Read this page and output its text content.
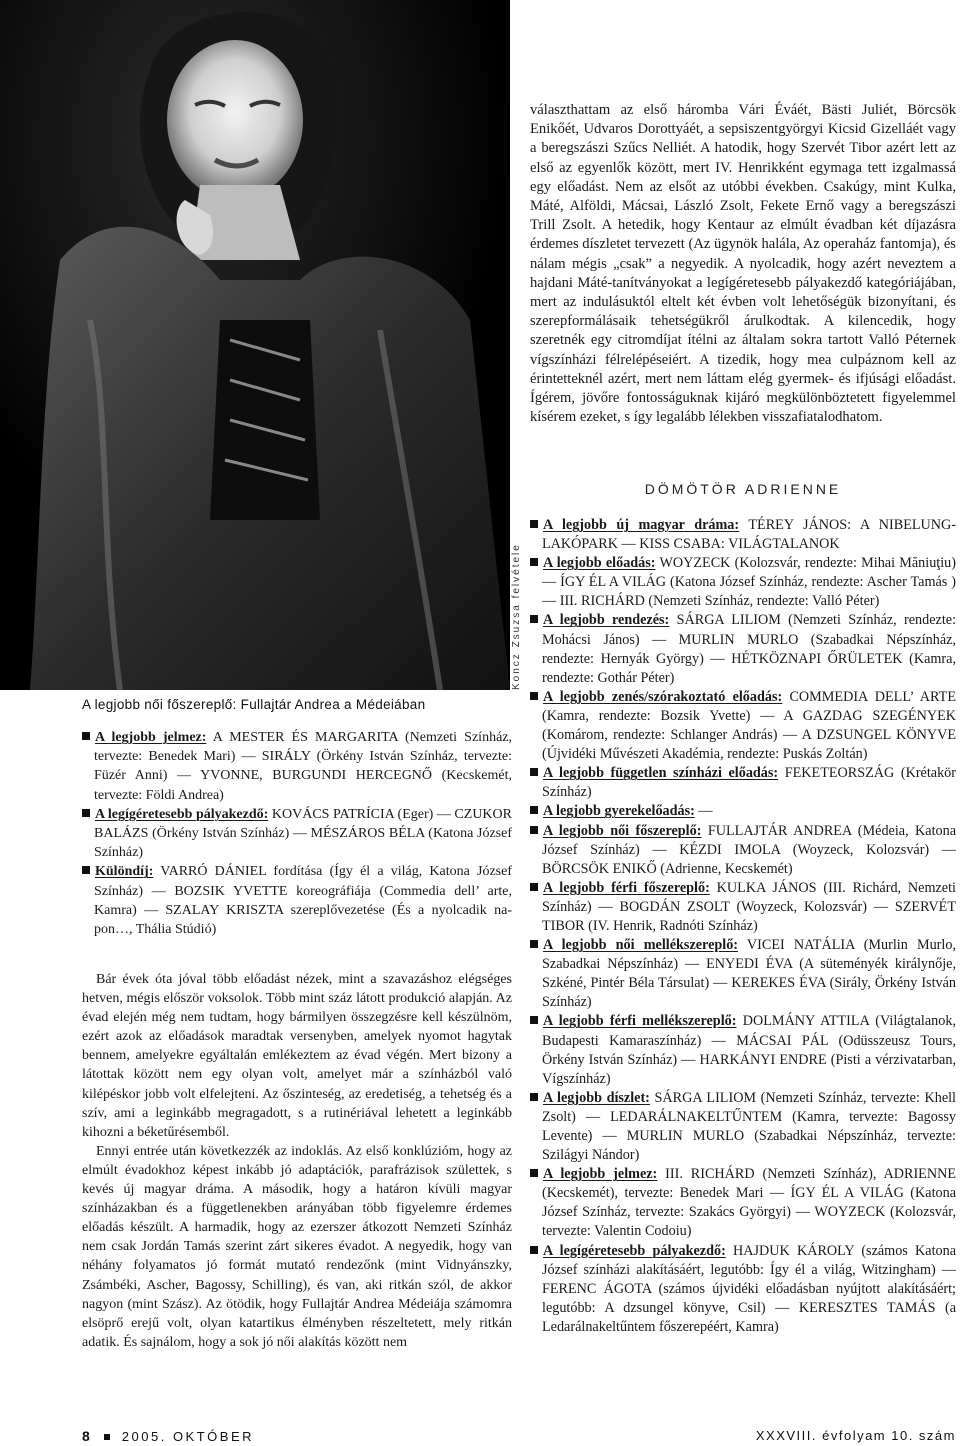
Koncz Zsuzsa felvétele

választhattam az első háromba Vári Éváét, Bästi Juliét, Börcsök Enikőét, Udvaros Dorottyáét, a sepsiszentgyörgyi Kicsid Gizelláét vagy a beregszászi Szűcs Nelliét. A hatodik, hogy Szervét Tibor azért lett az első az egyenlők között, mert IV. Henrikként egymaga tett izgalmassá egy előadást. Nem az elsőt az utóbbi években. Csakúgy, mint Kulka, Máté, Alföldi, Mácsai, László Zsolt, Fekete Ernő vagy a beregszászi Trill Zsolt. A hetedik, hogy Kentaur az elmúlt évadban két díjazásra érdemes díszletet tervezett (Az ügynök halála, Az operaház fantomja), és nálam mégis „csak” a negyedik. A nyolcadik, hogy azért neveztem a hajdani Máté-tanítványokat a legígéretesebb pályakezdő kategóriájában, mert az indulásuktól eltelt két évben volt lehetőségük bizonyítani, és szerepformálásaik tehetségükről árulkodtak. A kilencedik, hogy szeretnék egy citromdíjat ítélni az általam sokra tartott Valló Péternek vígszínházi félrelépéseiért. A tizedik, hogy mea culpáznom kell az érintetteknél azért, mert nem láttam elég gyermek- és ifjúsági előadást. Ígérem, jövőre fontosságuknak kijáró megkülönböztetett figyelemmel kísérem ezeket, s így legalább lélekben visszafiatalodhatom.

DÖMÖTÖR ADRIENNE
A legjobb női főszereplő: Fullajtár Andrea a Médeiában
A legjobb jelmez: A MESTER ÉS MARGARITA (Nemzeti Színház, tervezte: Benedek Mari) — SIRÁLY (Örkény István Színház, tervezte: Füzér Anni) — YVONNE, BURGUNDI HERCEGNŐ (Kecskemét, tervezte: Földi Andrea)
A legígéretesebb pályakezdő: KOVÁCS PATRÍCIA (Eger) — CZUKOR BALÁZS (Örkény István Színház) — MÉSZÁROS BÉLA (Katona József Színház)
Különdíj: VARRÓ DÁNIEL fordítása (Így él a világ, Katona József Színház) — BOZSIK YVETTE koreográfiája (Commedia dell’ arte, Kamra) — SZALAY KRISZTA szereplővezetése (És a nyolcadik napon…, Thália Stúdió)

Bár évek óta jóval több előadást nézek, mint a szavazáshoz elégséges hetven, mégis először voksolok. Több mint száz látott produkció alapján. Az évad elején még nem tudtam, hogy bármilyen összegzésre kell készülnöm, ezért azok az előadások maradtak versenyben, amelyek nyomot hagytak bennem, amelyekre egyáltalán emlékeztem az évad végén. Mert bizony a látottak között nem egy olyan volt, amelyet már a színházból való kilépéskor jobb volt elfelejteni. Az őszinteség, az eredetiség, a tehetség és a szív, ami a leginkább megragadott, s a rutinériával lehetett a leginkább kihozni a béketűrésemből.

Ennyi entrée után következzék az indoklás. Az első konklúzióm, hogy az elmúlt évadokhoz képest inkább jó adaptációk, parafrázisok születtek, s kevés új magyar dráma. A második, hogy a határon kívüli magyar színházakban és a függetlenekben arányában több figyelemre érdemes előadás készült. A harmadik, hogy az ezerszer átkozott Nemzeti Színház nem csak Jordán Tamás szerint zárt sikeres évadot. A negyedik, hogy van néhány folyamatos jó formát mutató rendezőnk (mint Vidnyánszky, Zsámbéki, Ascher, Bagossy, Schilling), és van, aki ritkán szól, de akkor nagyon (mint Szász). Az ötödik, hogy Fullajtár Andrea Médeiája számomra elsöprő erejű volt, olyan katartikus élményben részeltetett, mely ritkán adatik. És sajnálom, hogy a sok jó női alakítás között nem

A legjobb új magyar dráma: TÉREY JÁNOS: A NIBELUNG-LAKÓPARK — KISS CSABA: VILÁGTALANOK
A legjobb előadás: WOYZECK (Kolozsvár, rendezte: Mihai Măniuţiu) — ÍGY ÉL A VILÁG (Katona József Színház, rendezte: Ascher Tamás ) — III. RICHÁRD (Nemzeti Színház, rendezte: Valló Péter)
A legjobb rendezés: SÁRGA LILIOM (Nemzeti Színház, rendezte: Mohácsi János) — MURLIN MURLO (Szabadkai Népszínház, rendezte: Hernyák György) — HÉTKÖZNAPI ŐRÜLETEK (Kamra, rendezte: Gothár Péter)
A legjobb zenés/szórakoztató előadás: COMMEDIA DELL’ ARTE (Kamra, rendezte: Bozsik Yvette) — A GAZDAG SZEGÉNYEK (Komárom, rendezte: Schlanger András) — A DZSUNGEL KÖNYVE (Újvidéki Művészeti Akadémia, rendezte: Puskás Zoltán)
A legjobb független színházi előadás: FEKETEORSZÁG (Krétakör Színház)
A legjobb gyerekelőadás: —
A legjobb női főszereplő: FULLAJTÁR ANDREA (Médeia, Katona József Színház) — KÉZDI IMOLA (Woyzeck, Kolozsvár) — BÖRCSÖK ENIKŐ (Adrienne, Kecskemét)
A legjobb férfi főszereplő: KULKA JÁNOS (III. Richárd, Nemzeti Színház) — BOGDÁN ZSOLT (Woyzeck, Kolozsvár) — SZERVÉT TIBOR (IV. Henrik, Radnóti Színház)
A legjobb női mellékszereplő: VICEI NATÁLIA (Murlin Murlo, Szabadkai Népszínház) — ENYEDI ÉVA (A süteményék királynője, Szkéné, Pintér Béla Társulat) — KEREKES ÉVA (Sirály, Örkény István Színház)
A legjobb férfi mellékszereplő: DOLMÁNY ATTILA (Világtalanok, Budapesti Kamaraszínház) — MÁCSAI PÁL (Odüsszeusz Tours, Örkény István Színház) — HARKÁNYI ENDRE (Pisti a vérzivatarban, Vígszínház)
A legjobb díszlet: SÁRGA LILIOM (Nemzeti Színház, tervezte: Khell Zsolt) — LEDARÁLNAKELTŰNTEM (Kamra, tervezte: Bagossy Levente) — MURLIN MURLO (Szabadkai Népszínház, tervezte: Szilágyi Nándor)
A legjobb jelmez: III. RICHÁRD (Nemzeti Színház), ADRIENNE (Kecskemét), tervezte: Benedek Mari — ÍGY ÉL A VILÁG (Katona József Színház, tervezte: Szakács Györgyi) — WOYZECK (Kolozsvár, tervezte: Valentin Codoiu)
A legígéretesebb pályakezdő: HAJDUK KÁROLY (számos Katona József színházi alakításáért, legutóbb: Így él a világ, Witzingham) — FERENC ÁGOTA (számos újvidéki előadásban nyújtott alakításáért; legutóbb: A dzsungel könyve, Csil) — KERESZTES TAMÁS (a Ledarálnakeltűntem főszerepéért, Kamra)
8 2005. OKTÓBER	XXXVIII. évfolyam 10. szám
